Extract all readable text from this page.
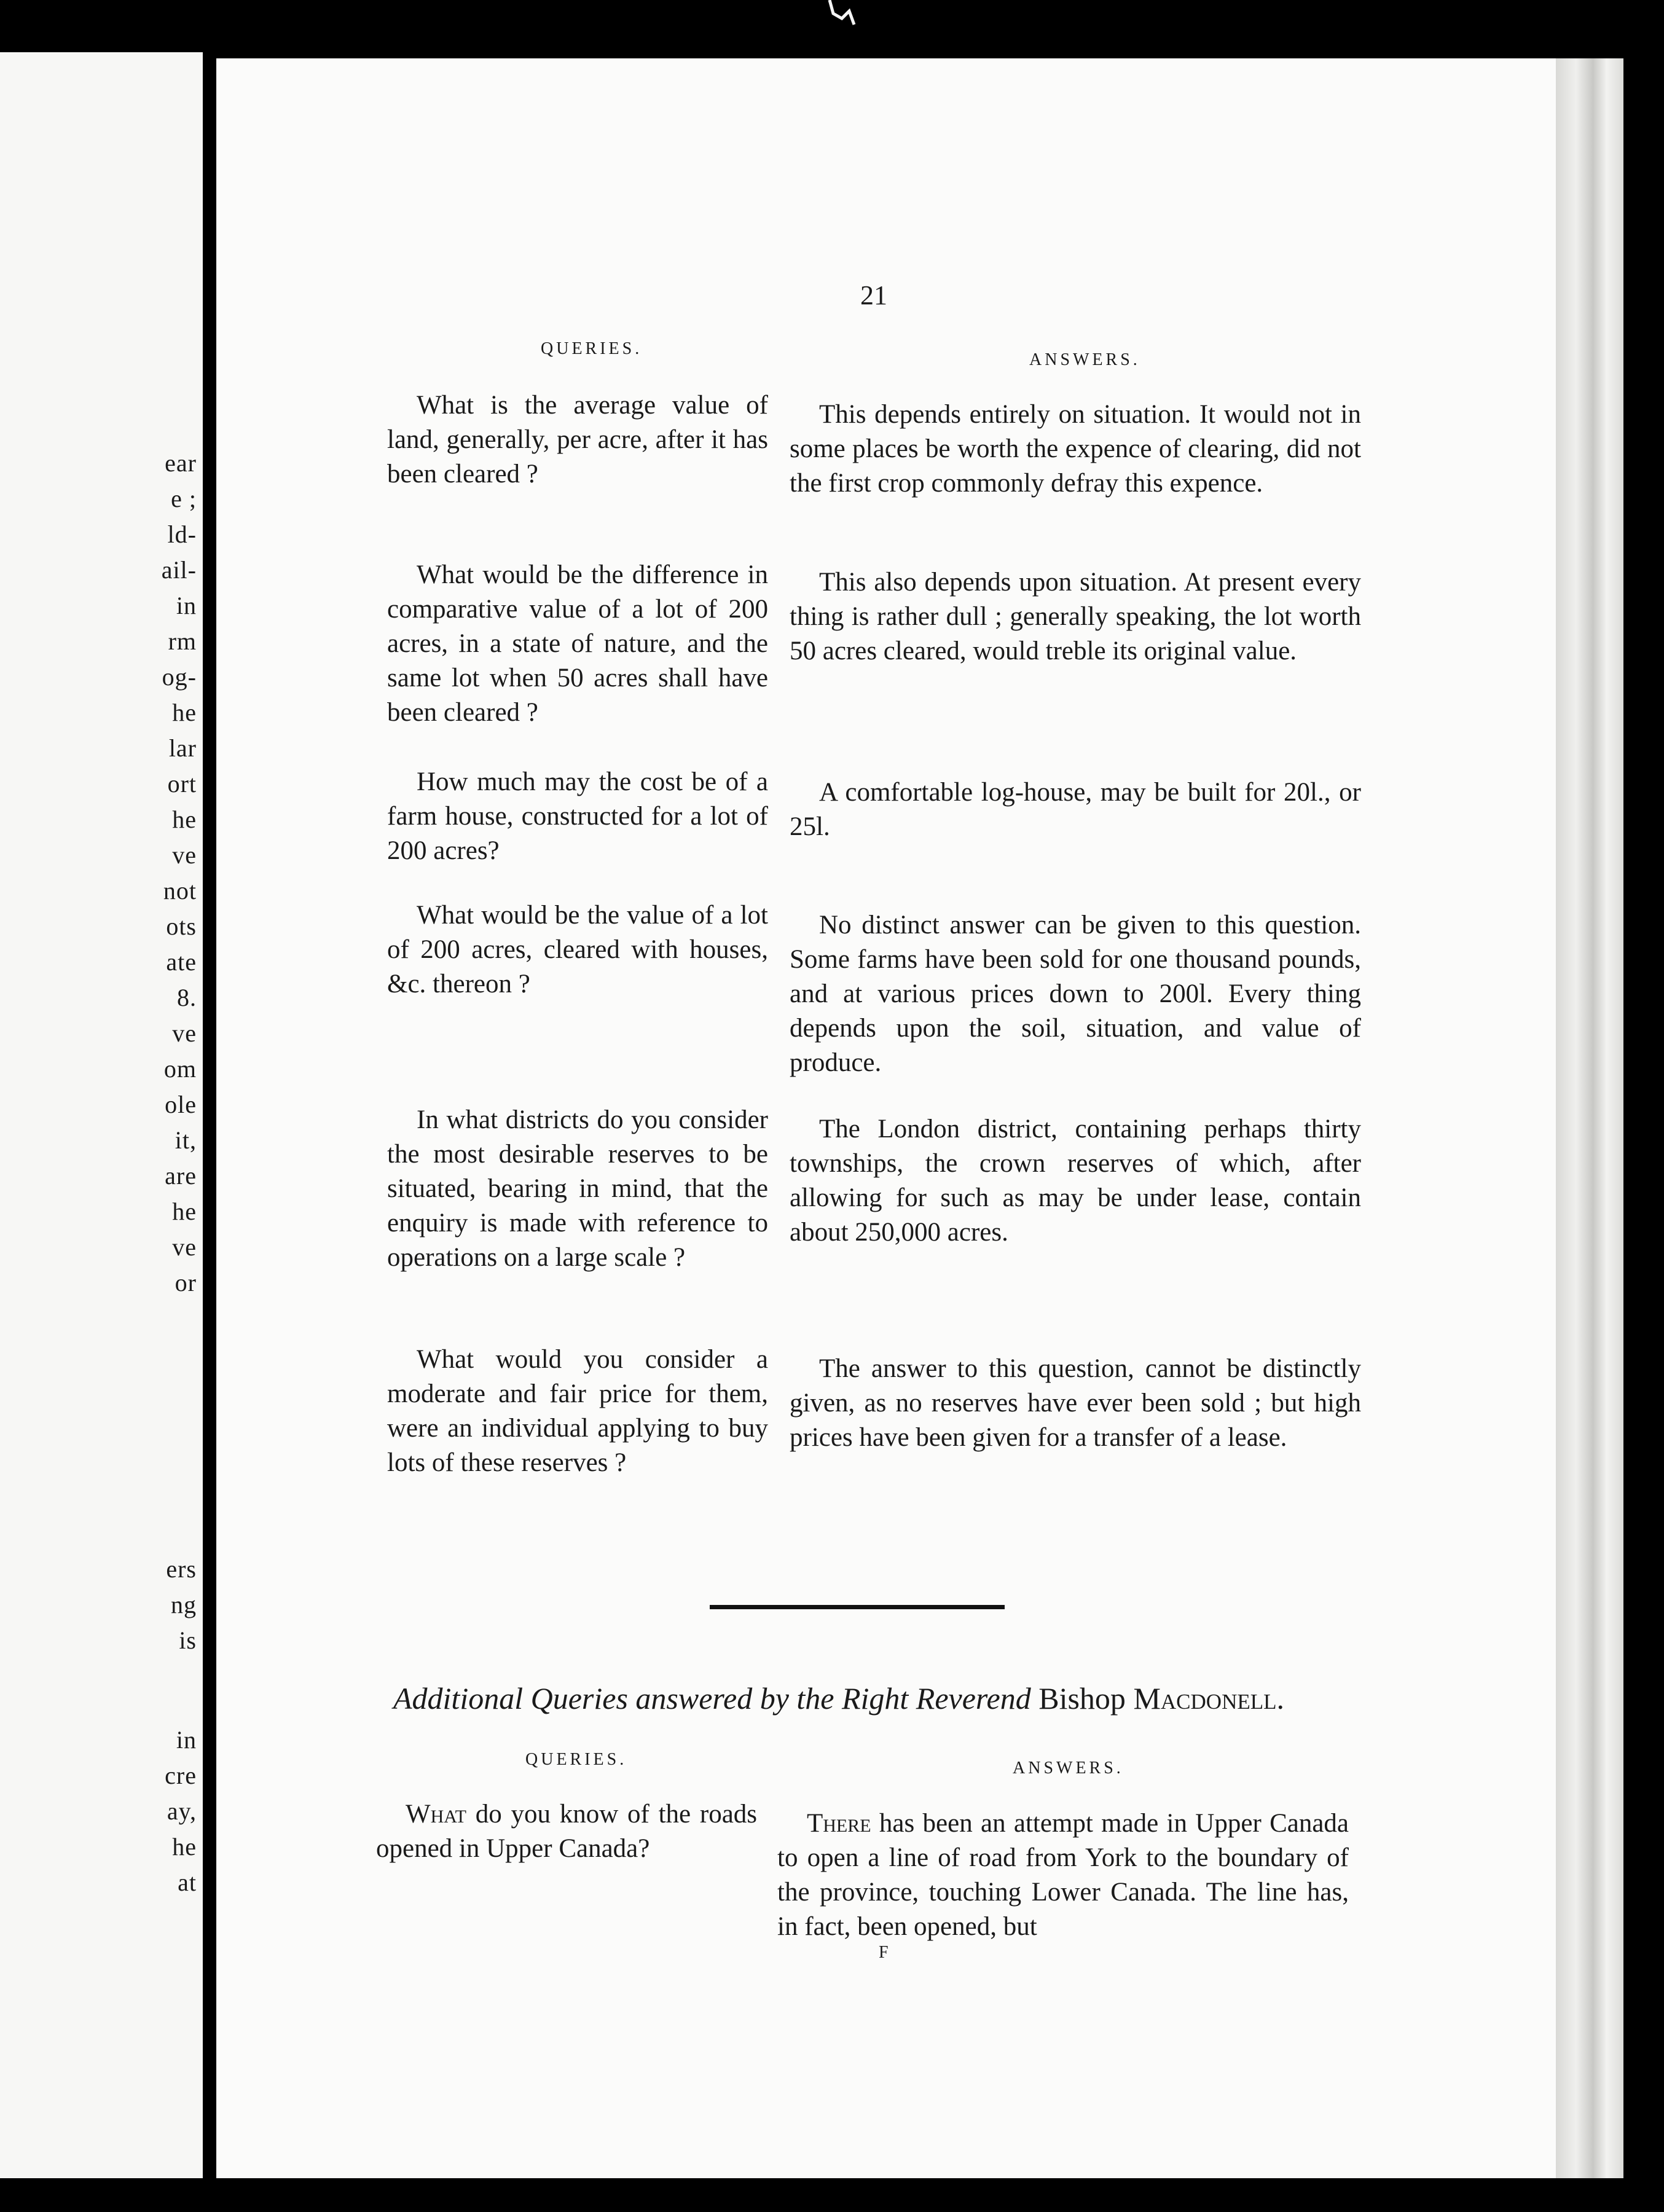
ear
e ;
ld-
ail-
in
rm
og-
he
lar
ort
he
ve
not
ots
ate
8.
ve
om
ole
it,
are
he
ve
or
ers
ng
is
in
cre
ay,
he
at
21
QUERIES.
ANSWERS.
What is the average value of land, generally, per acre, after it has been cleared ?
This depends entirely on situation. It would not in some places be worth the expence of clearing, did not the first crop commonly defray this expence.
What would be the difference in comparative value of a lot of 200 acres, in a state of nature, and the same lot when 50 acres shall have been cleared ?
This also depends upon situation. At present every thing is rather dull ; generally speaking, the lot worth 50 acres cleared, would treble its original value.
How much may the cost be of a farm house, constructed for a lot of 200 acres?
A comfortable log-house, may be built for 20l., or 25l.
What would be the value of a lot of 200 acres, cleared with houses, &c. thereon ?
No distinct answer can be given to this question. Some farms have been sold for one thousand pounds, and at various prices down to 200l. Every thing depends upon the soil, situation, and value of produce.
In what districts do you consider the most desirable reserves to be situated, bearing in mind, that the enquiry is made with reference to operations on a large scale ?
The London district, containing perhaps thirty townships, the crown reserves of which, after allowing for such as may be under lease, contain about 250,000 acres.
What would you consider a moderate and fair price for them, were an individual applying to buy lots of these reserves ?
The answer to this question, cannot be distinctly given, as no reserves have ever been sold ; but high prices have been given for a transfer of a lease.
Additional Queries answered by the Right Reverend Bishop Macdonell.
QUERIES.	ANSWERS.
What do you know of the roads opened in Upper Canada?
There has been an attempt made in Upper Canada to open a line of road from York to the boundary of the province, touching Lower Canada. The line has, in fact, been opened, but
F
